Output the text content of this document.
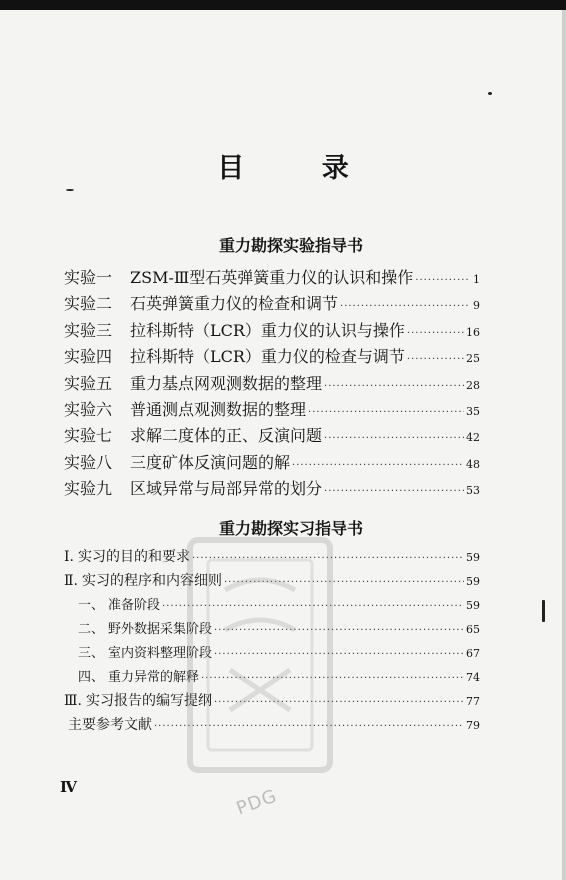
目 录
重力勘探实验指导书
实验一	ZSM-Ⅲ型石英弹簧重力仪的认识和操作 ·····	1
实验二	石英弹簧重力仪的检查和调节 ·····	9
实验三	拉科斯特（LCR）重力仪的认识与操作 ·····	16
实验四	拉科斯特（LCR）重力仪的检查与调节 ·····	25
实验五	重力基点网观测数据的整理 ·····	28
实验六	普通测点观测数据的整理 ·····	35
实验七	求解二度体的正、反演问题 ·····	42
实验八	三度矿体反演问题的解 ·····	48
实验九	区域异常与局部异常的划分 ·····	53
重力勘探实习指导书
Ⅰ. 实习的目的和要求 ·····	59
Ⅱ. 实习的程序和内容细则 ·····	59
一、 准备阶段 ·····	59
二、 野外数据采集阶段 ·····	65
三、 室内资料整理阶段 ·····	67
四、 重力异常的解释 ·····	74
Ⅲ. 实习报告的编写提纲 ·····	77
主要参考文献 ·····	79
Ⅳ	PDG
